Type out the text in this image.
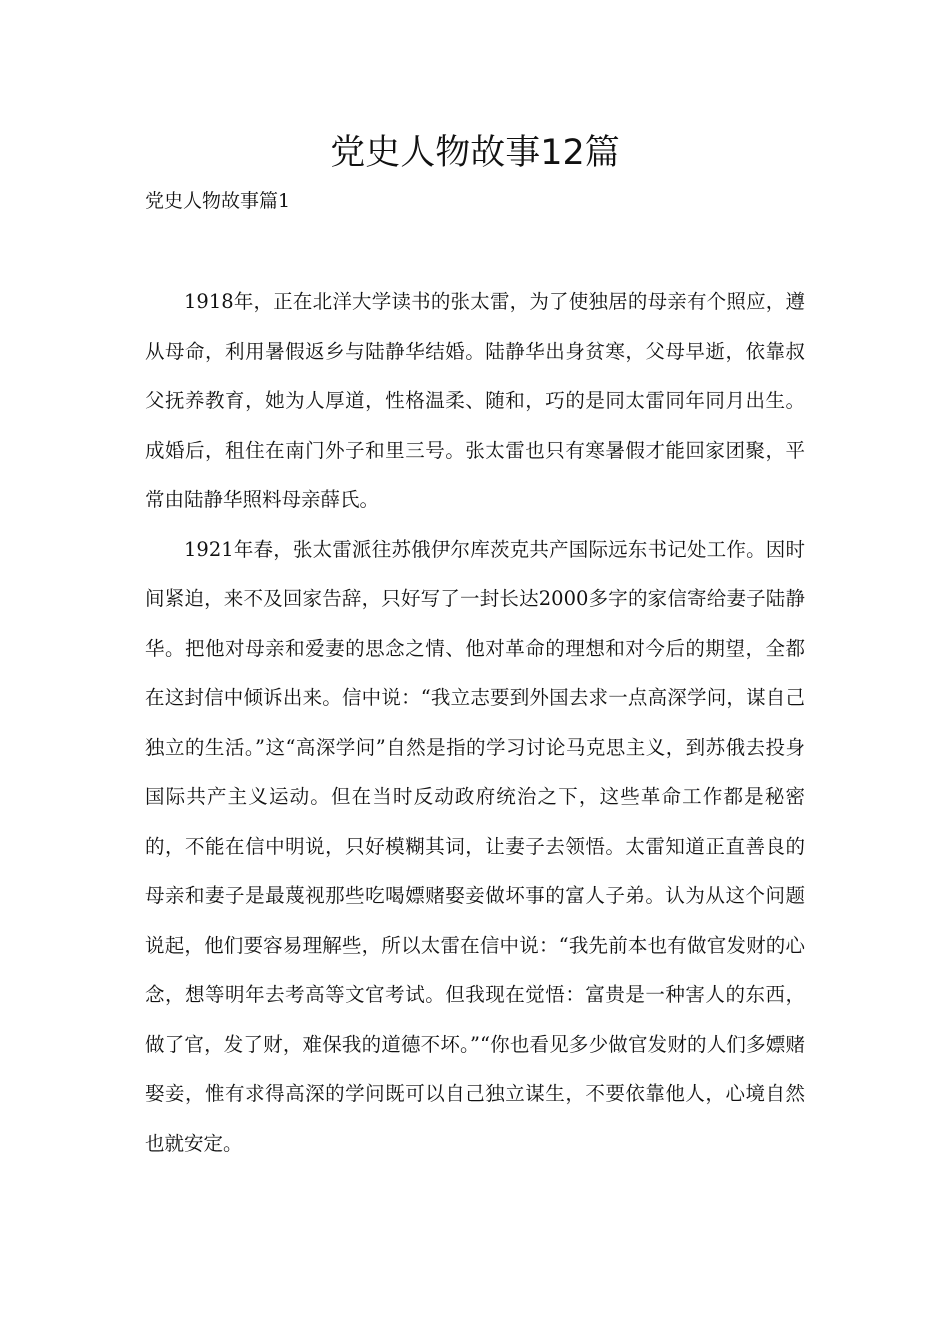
党史人物故事12篇

党史人物故事篇1

1918年，正在北洋大学读书的张太雷，为了使独居的母亲有个照应，遵从母命，利用暑假返乡与陆静华结婚。陆静华出身贫寒，父母早逝，依靠叔父抚养教育，她为人厚道，性格温柔、随和，巧的是同太雷同年同月出生。成婚后，租住在南门外子和里三号。张太雷也只有寒暑假才能回家团聚，平常由陆静华照料母亲薛氏。

1921年春，张太雷派往苏俄伊尔库茨克共产国际远东书记处工作。因时间紧迫，来不及回家告辞，只好写了一封长达2000多字的家信寄给妻子陆静华。把他对母亲和爱妻的思念之情、他对革命的理想和对今后的期望，全都在这封信中倾诉出来。信中说：“我立志要到外国去求一点高深学问，谋自己独立的生活。”这“高深学问”自然是指的学习讨论马克思主义，到苏俄去投身国际共产主义运动。但在当时反动政府统治之下，这些革命工作都是秘密的，不能在信中明说，只好模糊其词，让妻子去领悟。太雷知道正直善良的母亲和妻子是最蔑视那些吃喝嫖赌娶妾做坏事的富人子弟。认为从这个问题说起，他们要容易理解些，所以太雷在信中说：“我先前本也有做官发财的心念，想等明年去考高等文官考试。但我现在觉悟：富贵是一种害人的东西，做了官，发了财，难保我的道德不坏。”“你也看见多少做官发财的人们多嫖赌娶妾，惟有求得高深的学问既可以自己独立谋生，不要依靠他人，心境自然也就安定。
